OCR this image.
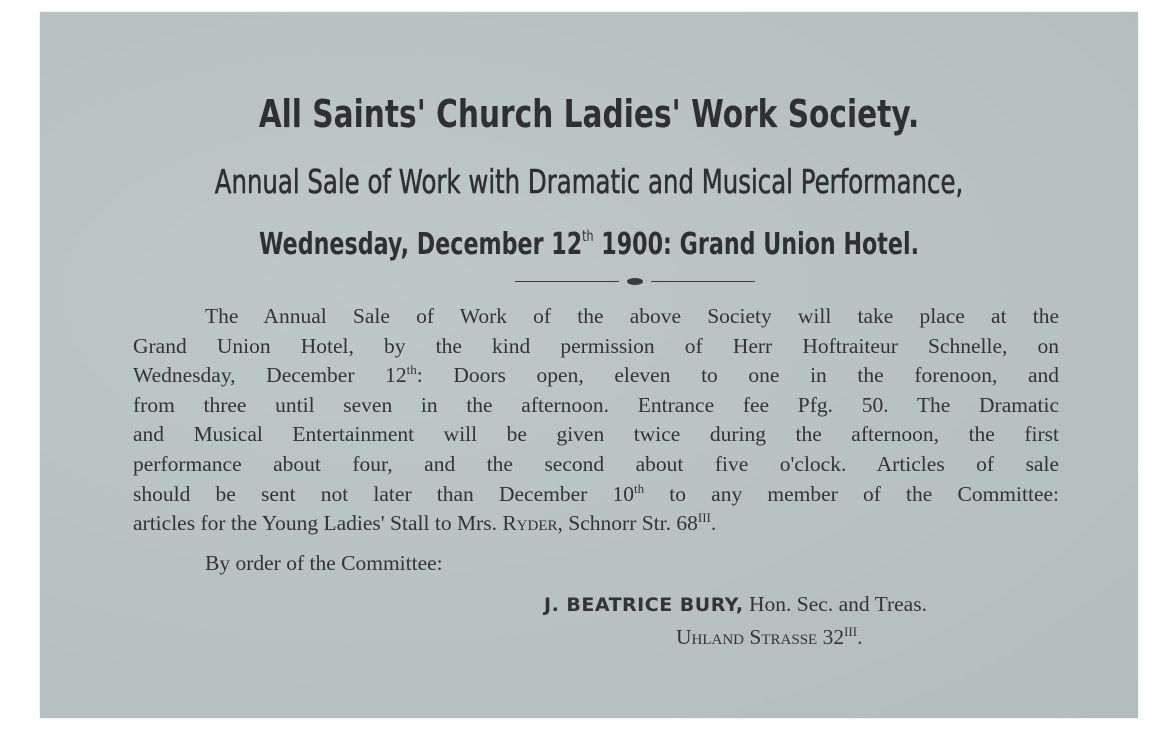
All Saints' Church Ladies' Work Society.
Annual Sale of Work with Dramatic and Musical Performance,
Wednesday, December 12th 1900: Grand Union Hotel.
The Annual Sale of Work of the above Society will take place at the
Grand Union Hotel, by the kind permission of Herr Hoftraiteur Schnelle, on
Wednesday, December 12th: Doors open, eleven to one in the forenoon, and
from three until seven in the afternoon. Entrance fee Pfg. 50. The Dramatic
and Musical Entertainment will be given twice during the afternoon, the first
performance about four, and the second about five o'clock. Articles of sale
should be sent not later than December 10th to any member of the Committee:
articles for the Young Ladies' Stall to Mrs. Ryder, Schnorr Str. $68^{III}$.
By order of the Committee:
J. BEATRICE BURY, Hon. Sec. and Treas.
Uhland Strasse $32^{III}$.
